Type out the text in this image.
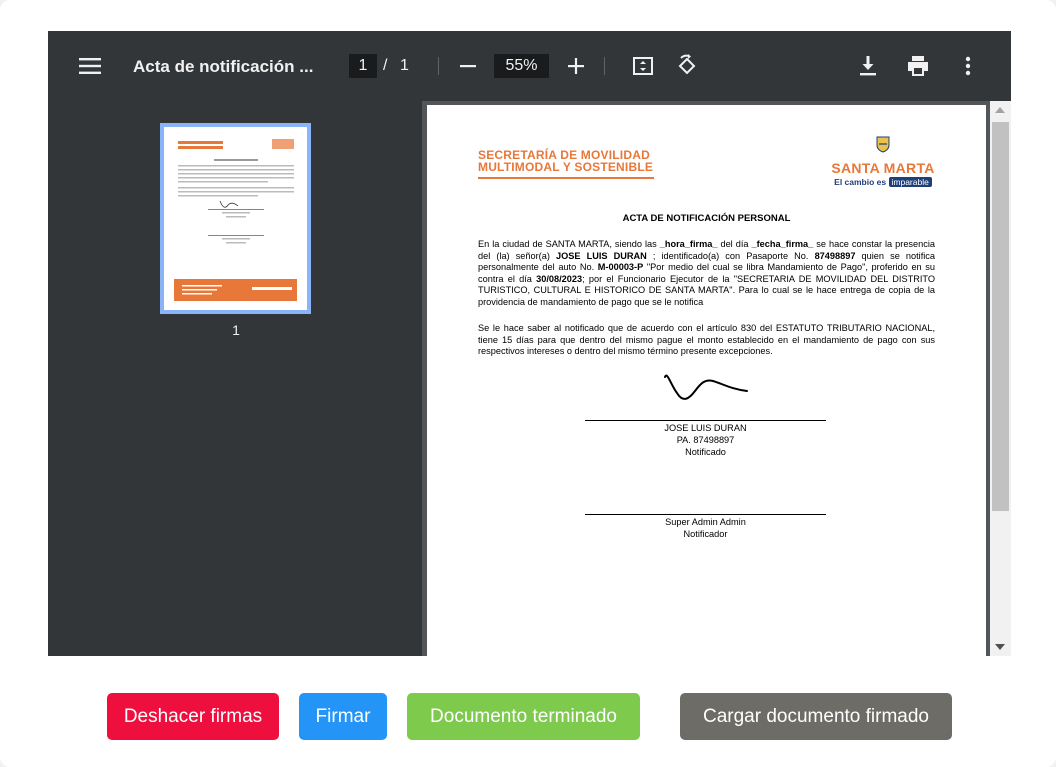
Acta de notificación ...	1 / 1	55%
1
SECRETARÍA DE MOVILIDAD
MULTIMODAL Y SOSTENIBLE	SANTA MARTA
El cambio es imparable
ACTA DE NOTIFICACIÓN PERSONAL
En la ciudad de SANTA MARTA, siendo las _hora_firma_ del día _fecha_firma_ se hace constar la presencia del (la) señor(a) JOSE LUIS DURAN ; identificado(a) con Pasaporte No. 87498897 quien se notifica personalmente del auto No. M-00003-P "Por medio del cual se libra Mandamiento de Pago", proferido en su contra el día 30/08/2023; por el Funcionario Ejecutor de la "SECRETARIA DE MOVILIDAD DEL DISTRITO TURISTICO, CULTURAL E HISTORICO DE SANTA MARTA". Para lo cual se le hace entrega de copia de la providencia de mandamiento de pago que se le notifica
Se le hace saber al notificado que de acuerdo con el artículo 830 del ESTATUTO TRIBUTARIO NACIONAL, tiene 15 días para que dentro del mismo pague el monto establecido en el mandamiento de pago con sus respectivos intereses o dentro del mismo término presente excepciones.
JOSE LUIS DURAN
PA. 87498897
Notificado
Super Admin Admin
Notificador
Deshacer firmas	Firmar	Documento terminado	Cargar documento firmado
